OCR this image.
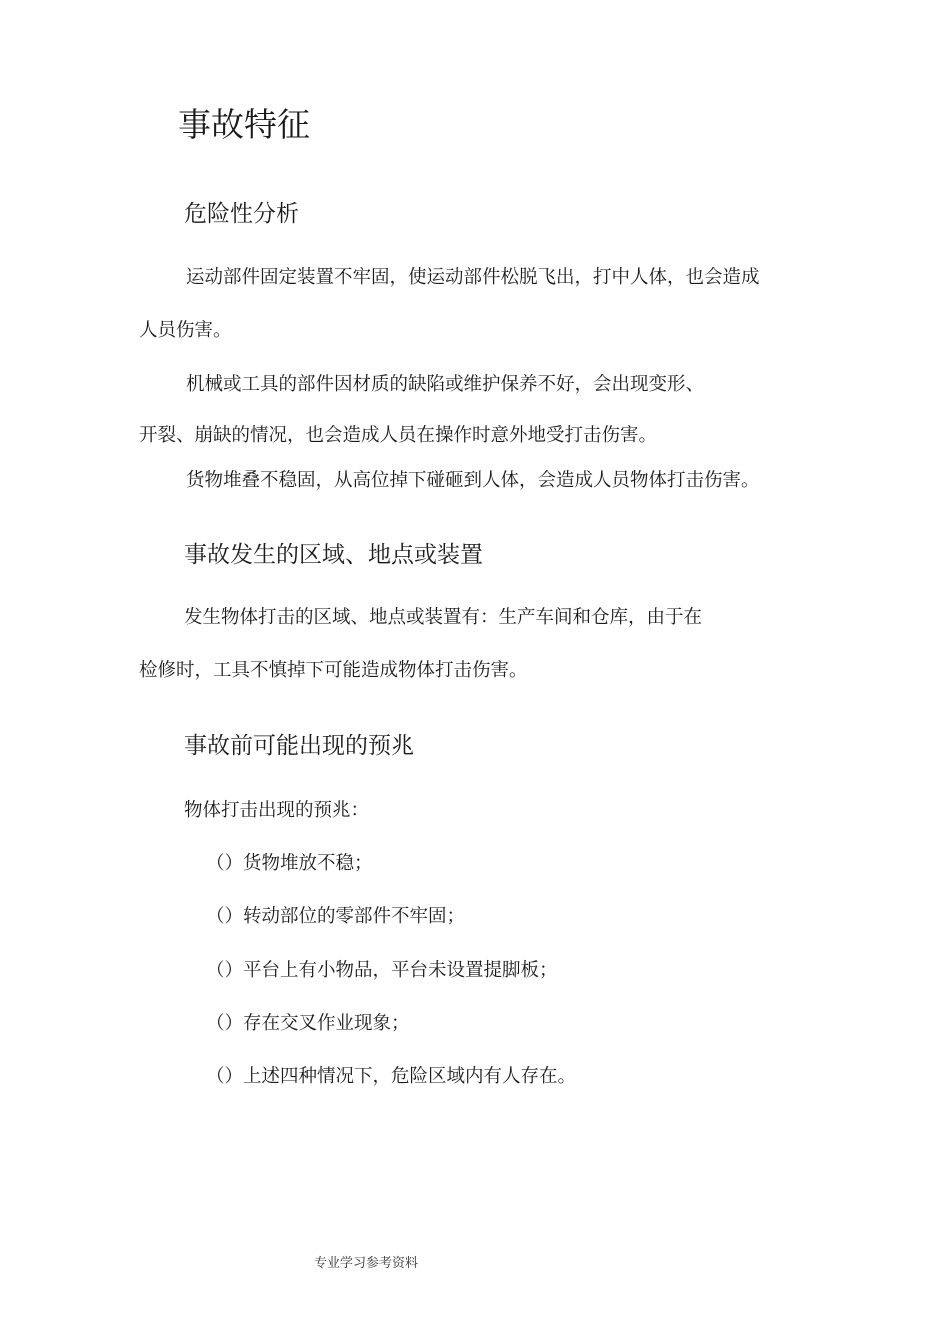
事故特征
危险性分析

运动部件固定装置不牢固，使运动部件松脱飞出，打中人体，也会造成

人员伤害。

机械或工具的部件因材质的缺陷或维护保养不好，会出现变形、

开裂、崩缺的情况，也会造成人员在操作时意外地受打击伤害。

货物堆叠不稳固，从高位掉下碰砸到人体，会造成人员物体打击伤害。

事故发生的区域、地点或装置

发生物体打击的区域、地点或装置有：生产车间和仓库，由于在

检修时，工具不慎掉下可能造成物体打击伤害。

事故前可能出现的预兆

物体打击出现的预兆：

（）货物堆放不稳；

（）转动部位的零部件不牢固；

（）平台上有小物品，平台未设置提脚板；

（）存在交叉作业现象；

（）上述四种情况下，危险区域内有人存在。

专业学习参考资料
